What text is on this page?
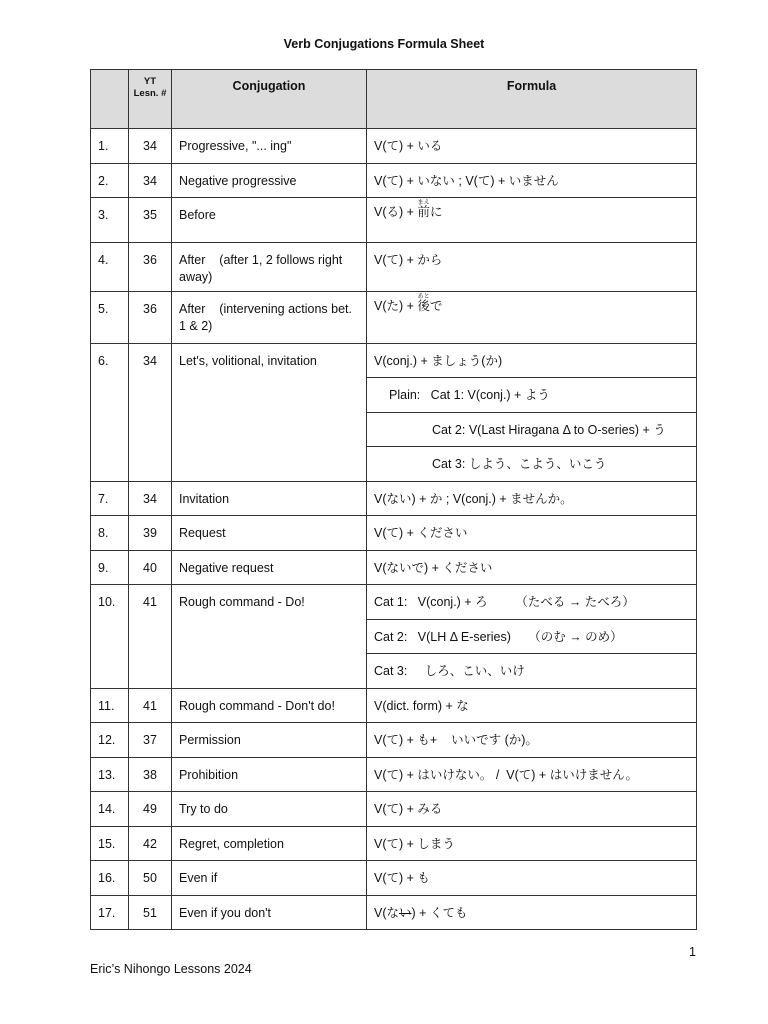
Verb Conjugations Formula Sheet
	YT Lesn. #	Conjugation	Formula
1.	34	Progressive, "... ing"	V(て) + いる
2.	34	Negative progressive	V(て) + いない ; V(て) + いません
3.	35	Before	V(る) + 前まえに
4.	36	After    (after 1, 2 follows right away)	V(て) + から
5.	36	After    (intervening actions bet. 1 & 2)	V(た) + 後あとで
6.	34	Let's, volitional, invitation	V(conj.) + ましょう(か)
			Plain:   Cat 1: V(conj.) + よう
			Cat 2: V(Last Hiragana Δ to O-series) + う
			Cat 3: しよう、こよう、いこう
7.	34	Invitation	V(ない) + か ; V(conj.) + ませんか。
8.	39	Request	V(て) + ください
9.	40	Negative request	V(ないで) + ください
10.	41	Rough command - Do!	Cat 1:   V(conj.) + ろ        （たべる → たべろ）
			Cat 2:   V(LH Δ E-series)     （のむ → のめ）
			Cat 3:     しろ、こい、いけ
11.	41	Rough command - Don't do!	V(dict. form) + な
12.	37	Permission	V(て) + も+    いいです (か)。
13.	38	Prohibition	V(て) + はいけない。 /  V(て) + はいけません。
14.	49	Try to do	V(て) + みる
15.	42	Regret, completion	V(て) + しまう
16.	50	Even if	V(て) + も
17.	51	Even if you don't	V(ない) + くても
1
Eric’s Nihongo Lessons 2024
